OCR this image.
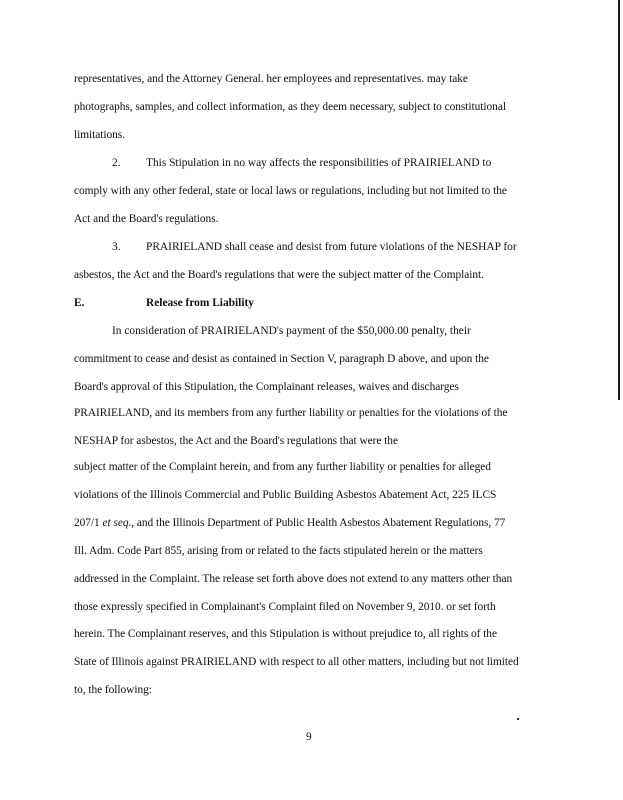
representatives, and the Attorney General. her employees and representatives. may take
photographs, samples, and collect information, as they deem necessary, subject to constitutional
limitations.
2. This Stipulation in no way affects the responsibilities of PRAIRIELAND to
comply with any other federal, state or local laws or regulations, including but not limited to the
Act and the Board's regulations.
3. PRAIRIELAND shall cease and desist from future violations of the NESHAP for
asbestos, the Act and the Board's regulations that were the subject matter of the Complaint.
E.	Release from Liability
In consideration of PRAIRIELAND's payment of the $50,000.00 penalty, their
commitment to cease and desist as contained in Section V, paragraph D above, and upon the
Board's approval of this Stipulation, the Complainant releases, waives and discharges
PRAIRIELAND, and its members from any further liability or penalties for the violations of the
NESHAP for asbestos, the Act and the Board's regulations that were the
subject matter of the Complaint herein, and from any further liability or penalties for alleged
violations of the Illinois Commercial and Public Building Asbestos Abatement Act, 225 ILCS
207/1 et seq., and the Illinois Department of Public Health Asbestos Abatement Regulations, 77
Ill. Adm. Code Part 855, arising from or related to the facts stipulated herein or the matters
addressed in the Complaint. The release set forth above does not extend to any matters other than
those expressly specified in Complainant's Complaint filed on November 9, 2010. or set forth
herein. The Complainant reserves, and this Stipulation is without prejudice to, all rights of the
State of Illinois against PRAIRIELAND with respect to all other matters, including but not limited
to, the following:
9
